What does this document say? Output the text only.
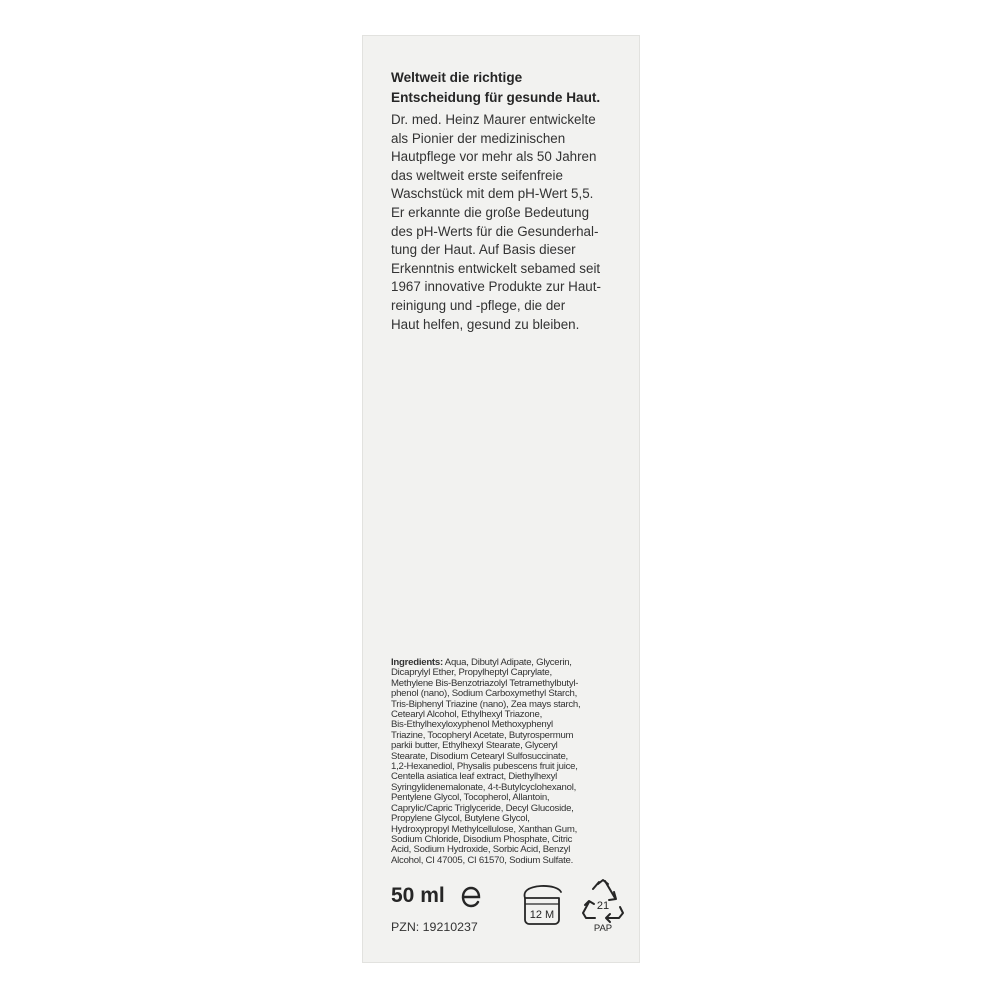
Weltweit die richtige
Entscheidung für gesunde Haut.
Dr. med. Heinz Maurer entwickelte
als Pionier der medizinischen
Hautpflege vor mehr als 50 Jahren
das weltweit erste seifenfreie
Waschstück mit dem pH-Wert 5,5.
Er erkannte die große Bedeutung
des pH-Werts für die Gesunderhal-
tung der Haut. Auf Basis dieser
Erkenntnis entwickelt sebamed seit
1967 innovative Produkte zur Haut-
reinigung und -pflege, die der
Haut helfen, gesund zu bleiben.
Ingredients: Aqua, Dibutyl Adipate, Glycerin,
Dicaprylyl Ether, Propylheptyl Caprylate,
Methylene Bis-Benzotriazolyl Tetramethylbutyl-
phenol (nano), Sodium Carboxymethyl Starch,
Tris-Biphenyl Triazine (nano), Zea mays starch,
Cetearyl Alcohol, Ethylhexyl Triazone,
Bis-Ethylhexyloxyphenol Methoxyphenyl
Triazine, Tocopheryl Acetate, Butyrospermum
parkii butter, Ethylhexyl Stearate, Glyceryl
Stearate, Disodium Cetearyl Sulfosuccinate,
1,2-Hexanediol, Physalis pubescens fruit juice,
Centella asiatica leaf extract, Diethylhexyl
Syringylidenemalonate, 4-t-Butylcyclohexanol,
Pentylene Glycol, Tocopherol, Allantoin,
Caprylic/Capric Triglyceride, Decyl Glucoside,
Propylene Glycol, Butylene Glycol,
Hydroxypropyl Methylcellulose, Xanthan Gum,
Sodium Chloride, Disodium Phosphate, Citric
Acid, Sodium Hydroxide, Sorbic Acid, Benzyl
Alcohol, CI 47005, CI 61570, Sodium Sulfate.
50 ml
PZN: 19210237
12 M
21
PAP
